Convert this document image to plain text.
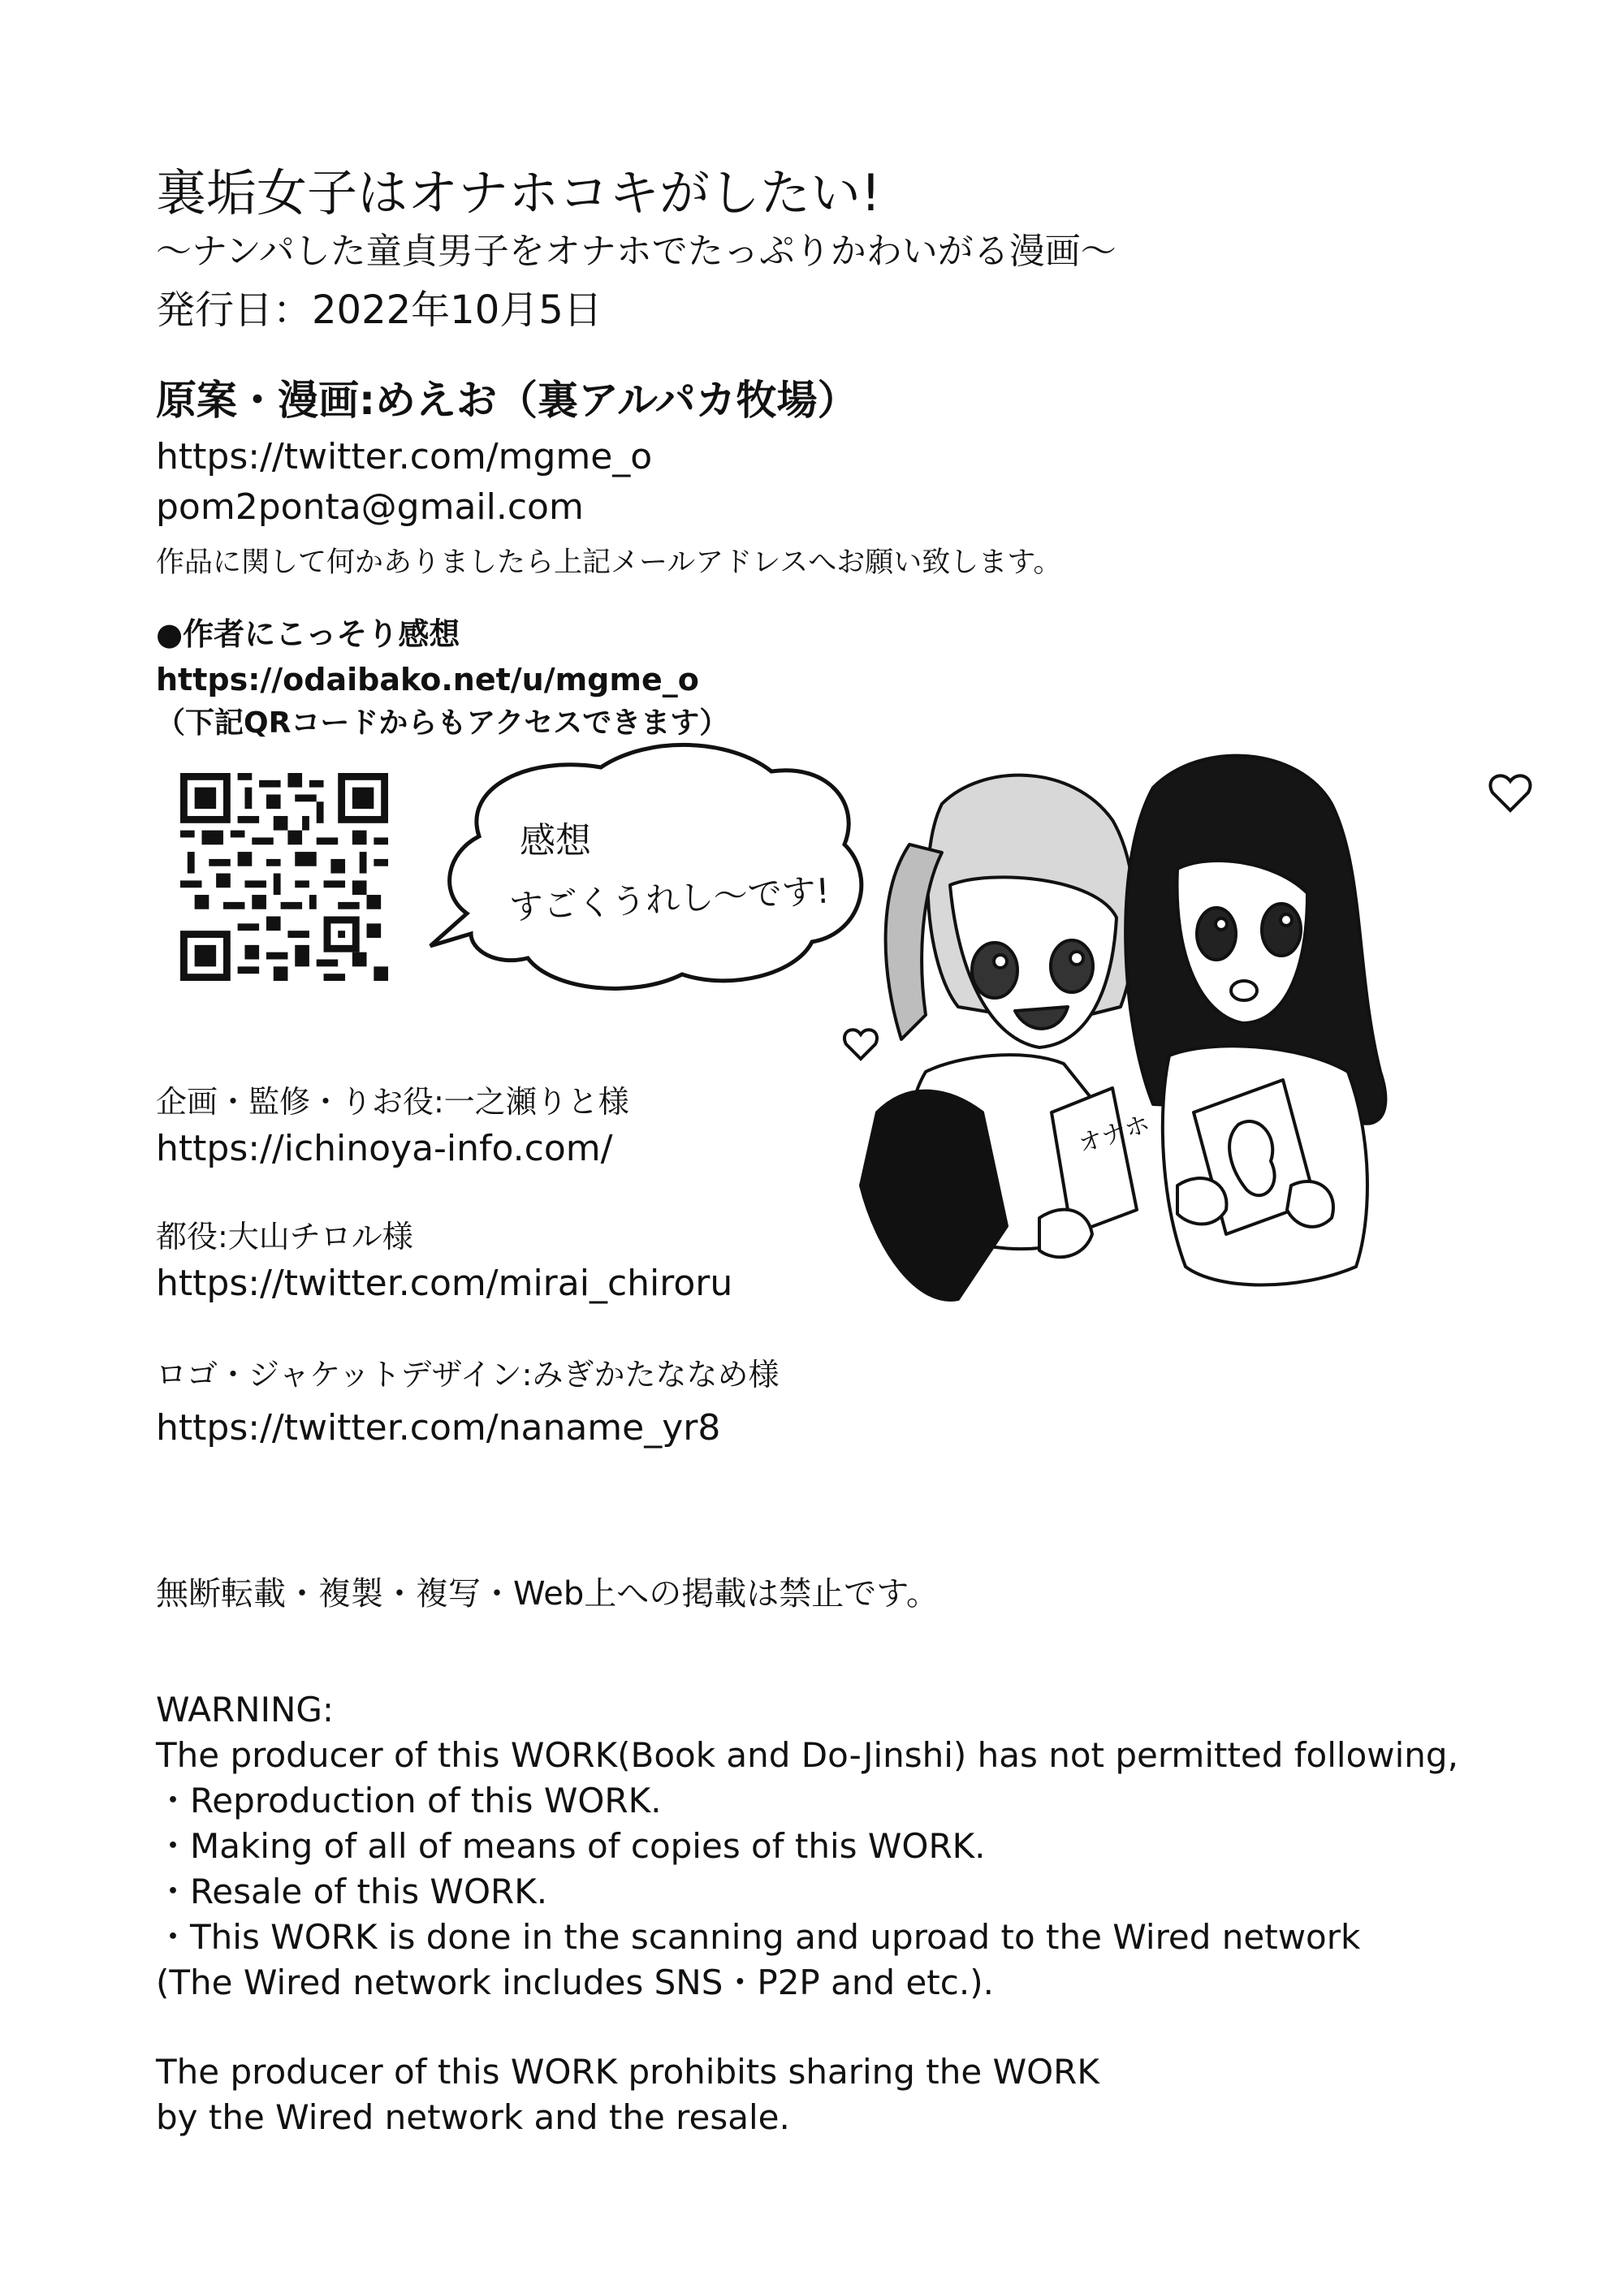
裏垢女子はオナホコキがしたい!
〜ナンパした童貞男子をオナホでたっぷりかわいがる漫画〜
発行日：2022年10月5日
原案・漫画:めえお（裏アルパカ牧場）
https://twitter.com/mgme_o
pom2ponta@gmail.com
作品に関して何かありましたら上記メールアドレスへお願い致します。
●作者にこっそり感想
https://odaibako.net/u/mgme_o
（下記QRコードからもアクセスできます）
感想
すごくうれし〜です!
オナホ
企画・監修・りお役:一之瀬りと様
https://ichinoya-info.com/
都役:大山チロル様
https://twitter.com/mirai_chiroru
ロゴ・ジャケットデザイン:みぎかたななめ様
https://twitter.com/naname_yr8
無断転載・複製・複写・Web上への掲載は禁止です。
WARNING:
The producer of this WORK(Book and Do-Jinshi) has not permitted following,
・Reproduction of this WORK.
・Making of all of means of copies of this WORK.
・Resale of this WORK.
・This WORK is done in the scanning and uproad to the Wired network
(The Wired network includes SNS・P2P and etc.).
The producer of this WORK prohibits sharing the WORK
by the Wired network and the resale.
